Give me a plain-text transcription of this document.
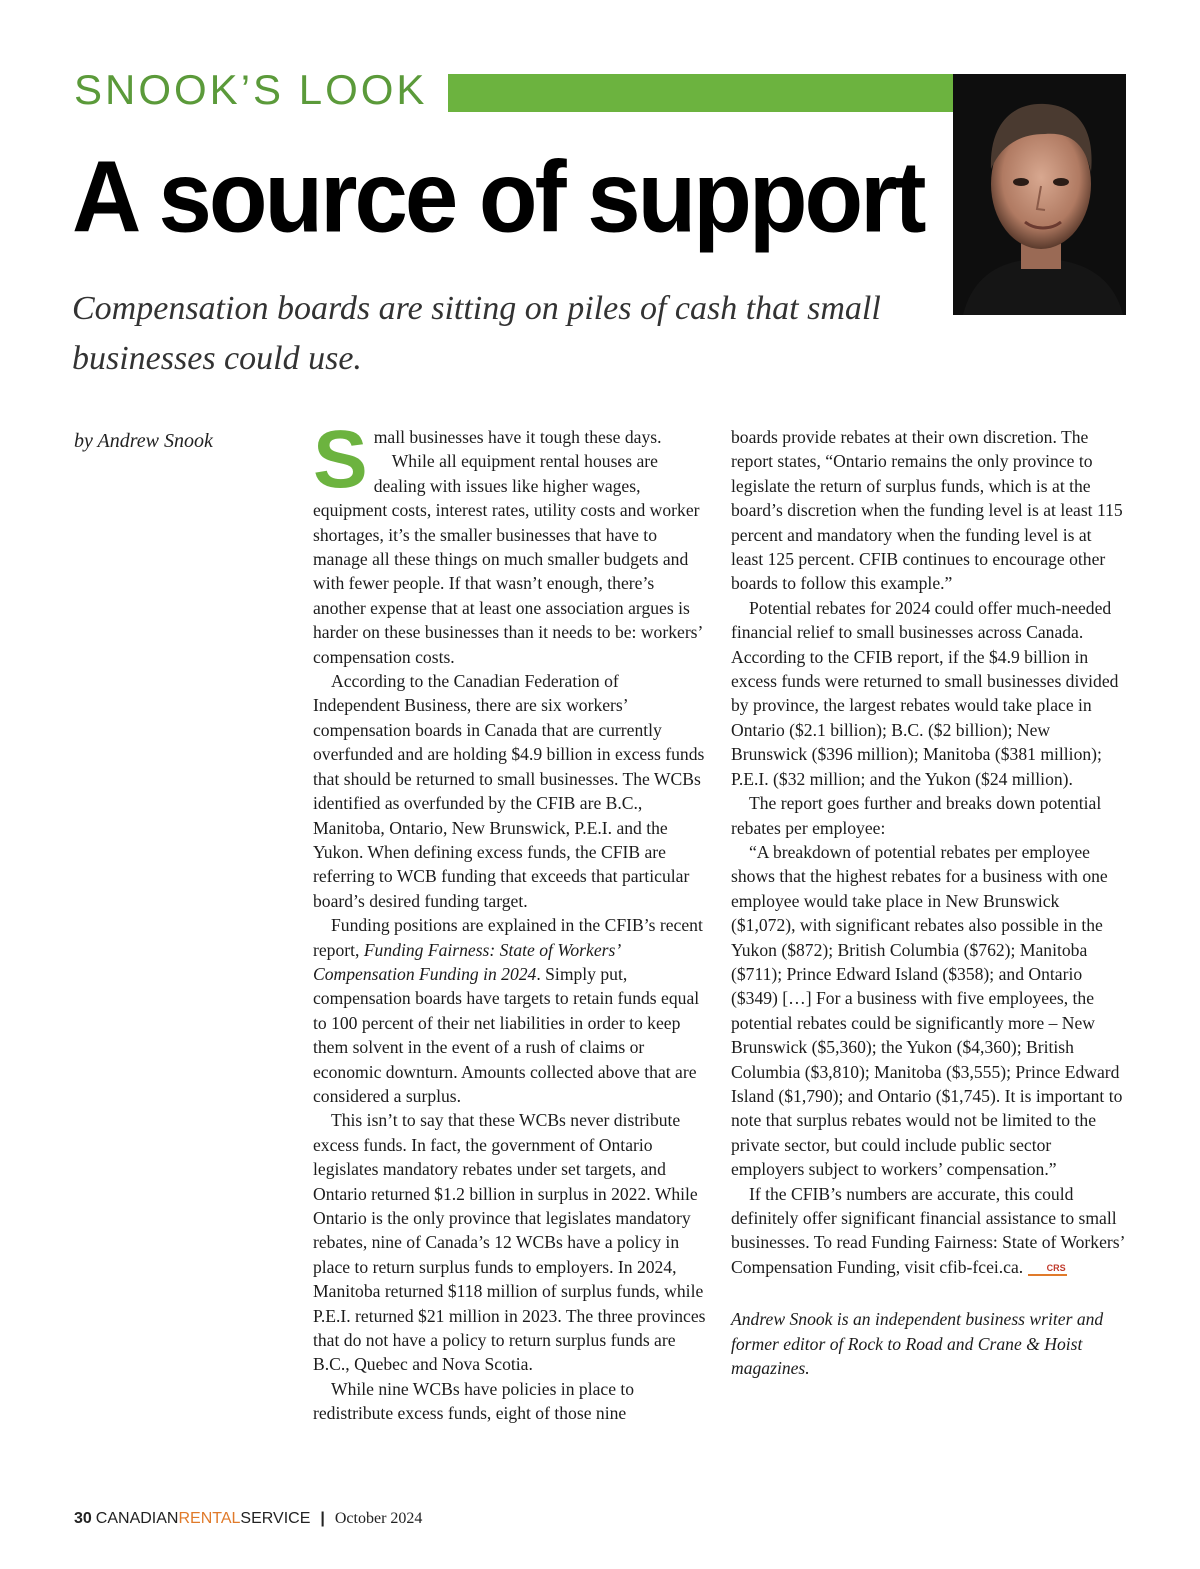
SNOOK’S LOOK
A source of support
Compensation boards are sitting on piles of cash that small businesses could use.
by Andrew Snook Small businesses have it tough these days.

While all equipment rental houses are dealing with issues like higher wages, equipment costs, interest rates, utility costs and worker shortages, it’s the smaller businesses that have to manage all these things on much smaller budgets and with fewer people. If that wasn’t enough, there’s another expense that at least one association argues is harder on these businesses than it needs to be: workers’ compensation costs.

According to the Canadian Federation of Independent Business, there are six workers’ compensation boards in Canada that are currently overfunded and are holding $4.9 billion in excess funds that should be returned to small businesses. The WCBs identified as overfunded by the CFIB are B.C., Manitoba, Ontario, New Brunswick, P.E.I. and the Yukon. When defining excess funds, the CFIB are referring to WCB funding that exceeds that particular board’s desired funding target.

Funding positions are explained in the CFIB’s recent report, Funding Fairness: State of Workers’ Compensation Funding in 2024. Simply put, compensation boards have targets to retain funds equal to 100 percent of their net liabilities in order to keep them solvent in the event of a rush of claims or economic downturn. Amounts collected above that are considered a surplus.

This isn’t to say that these WCBs never distribute excess funds. In fact, the government of Ontario legislates mandatory rebates under set targets, and Ontario returned $1.2 billion in surplus in 2022. While Ontario is the only province that legislates mandatory rebates, nine of Canada’s 12 WCBs have a policy in place to return surplus funds to employers. In 2024, Manitoba returned $118 million of surplus funds, while P.E.I. returned $21 million in 2023. The three provinces that do not have a policy to return surplus funds are B.C., Quebec and Nova Scotia.

While nine WCBs have policies in place to redistribute excess funds, eight of those nine

boards provide rebates at their own discretion. The report states, “Ontario remains the only province to legislate the return of surplus funds, which is at the board’s discretion when the funding level is at least 115 percent and mandatory when the funding level is at least 125 percent. CFIB continues to encourage other boards to follow this example.”

Potential rebates for 2024 could offer much-needed financial relief to small businesses across Canada. According to the CFIB report, if the $4.9 billion in excess funds were returned to small businesses divided by province, the largest rebates would take place in Ontario ($2.1 billion); B.C. ($2 billion); New Brunswick ($396 million); Manitoba ($381 million); P.E.I. ($32 million; and the Yukon ($24 million).

The report goes further and breaks down potential rebates per employee:

“A breakdown of potential rebates per employee shows that the highest rebates for a business with one employee would take place in New Brunswick ($1,072), with significant rebates also possible in the Yukon ($872); British Columbia ($762); Manitoba ($711); Prince Edward Island ($358); and Ontario ($349) […] For a business with five employees, the potential rebates could be significantly more – New Brunswick ($5,360); the Yukon ($4,360); British Columbia ($3,810); Manitoba ($3,555); Prince Edward Island ($1,790); and Ontario ($1,745). It is important to note that surplus rebates would not be limited to the private sector, but could include public sector employers subject to workers’ compensation.”

If the CFIB’s numbers are accurate, this could definitely offer significant financial assistance to small businesses. To read Funding Fairness: State of Workers’ Compensation Funding, visit cfib-fcei.ca.	CRS

Andrew Snook is an independent business writer and former editor of Rock to Road and Crane & Hoist magazines.

30 CANADIANRENTALSERVICE | October 2024
